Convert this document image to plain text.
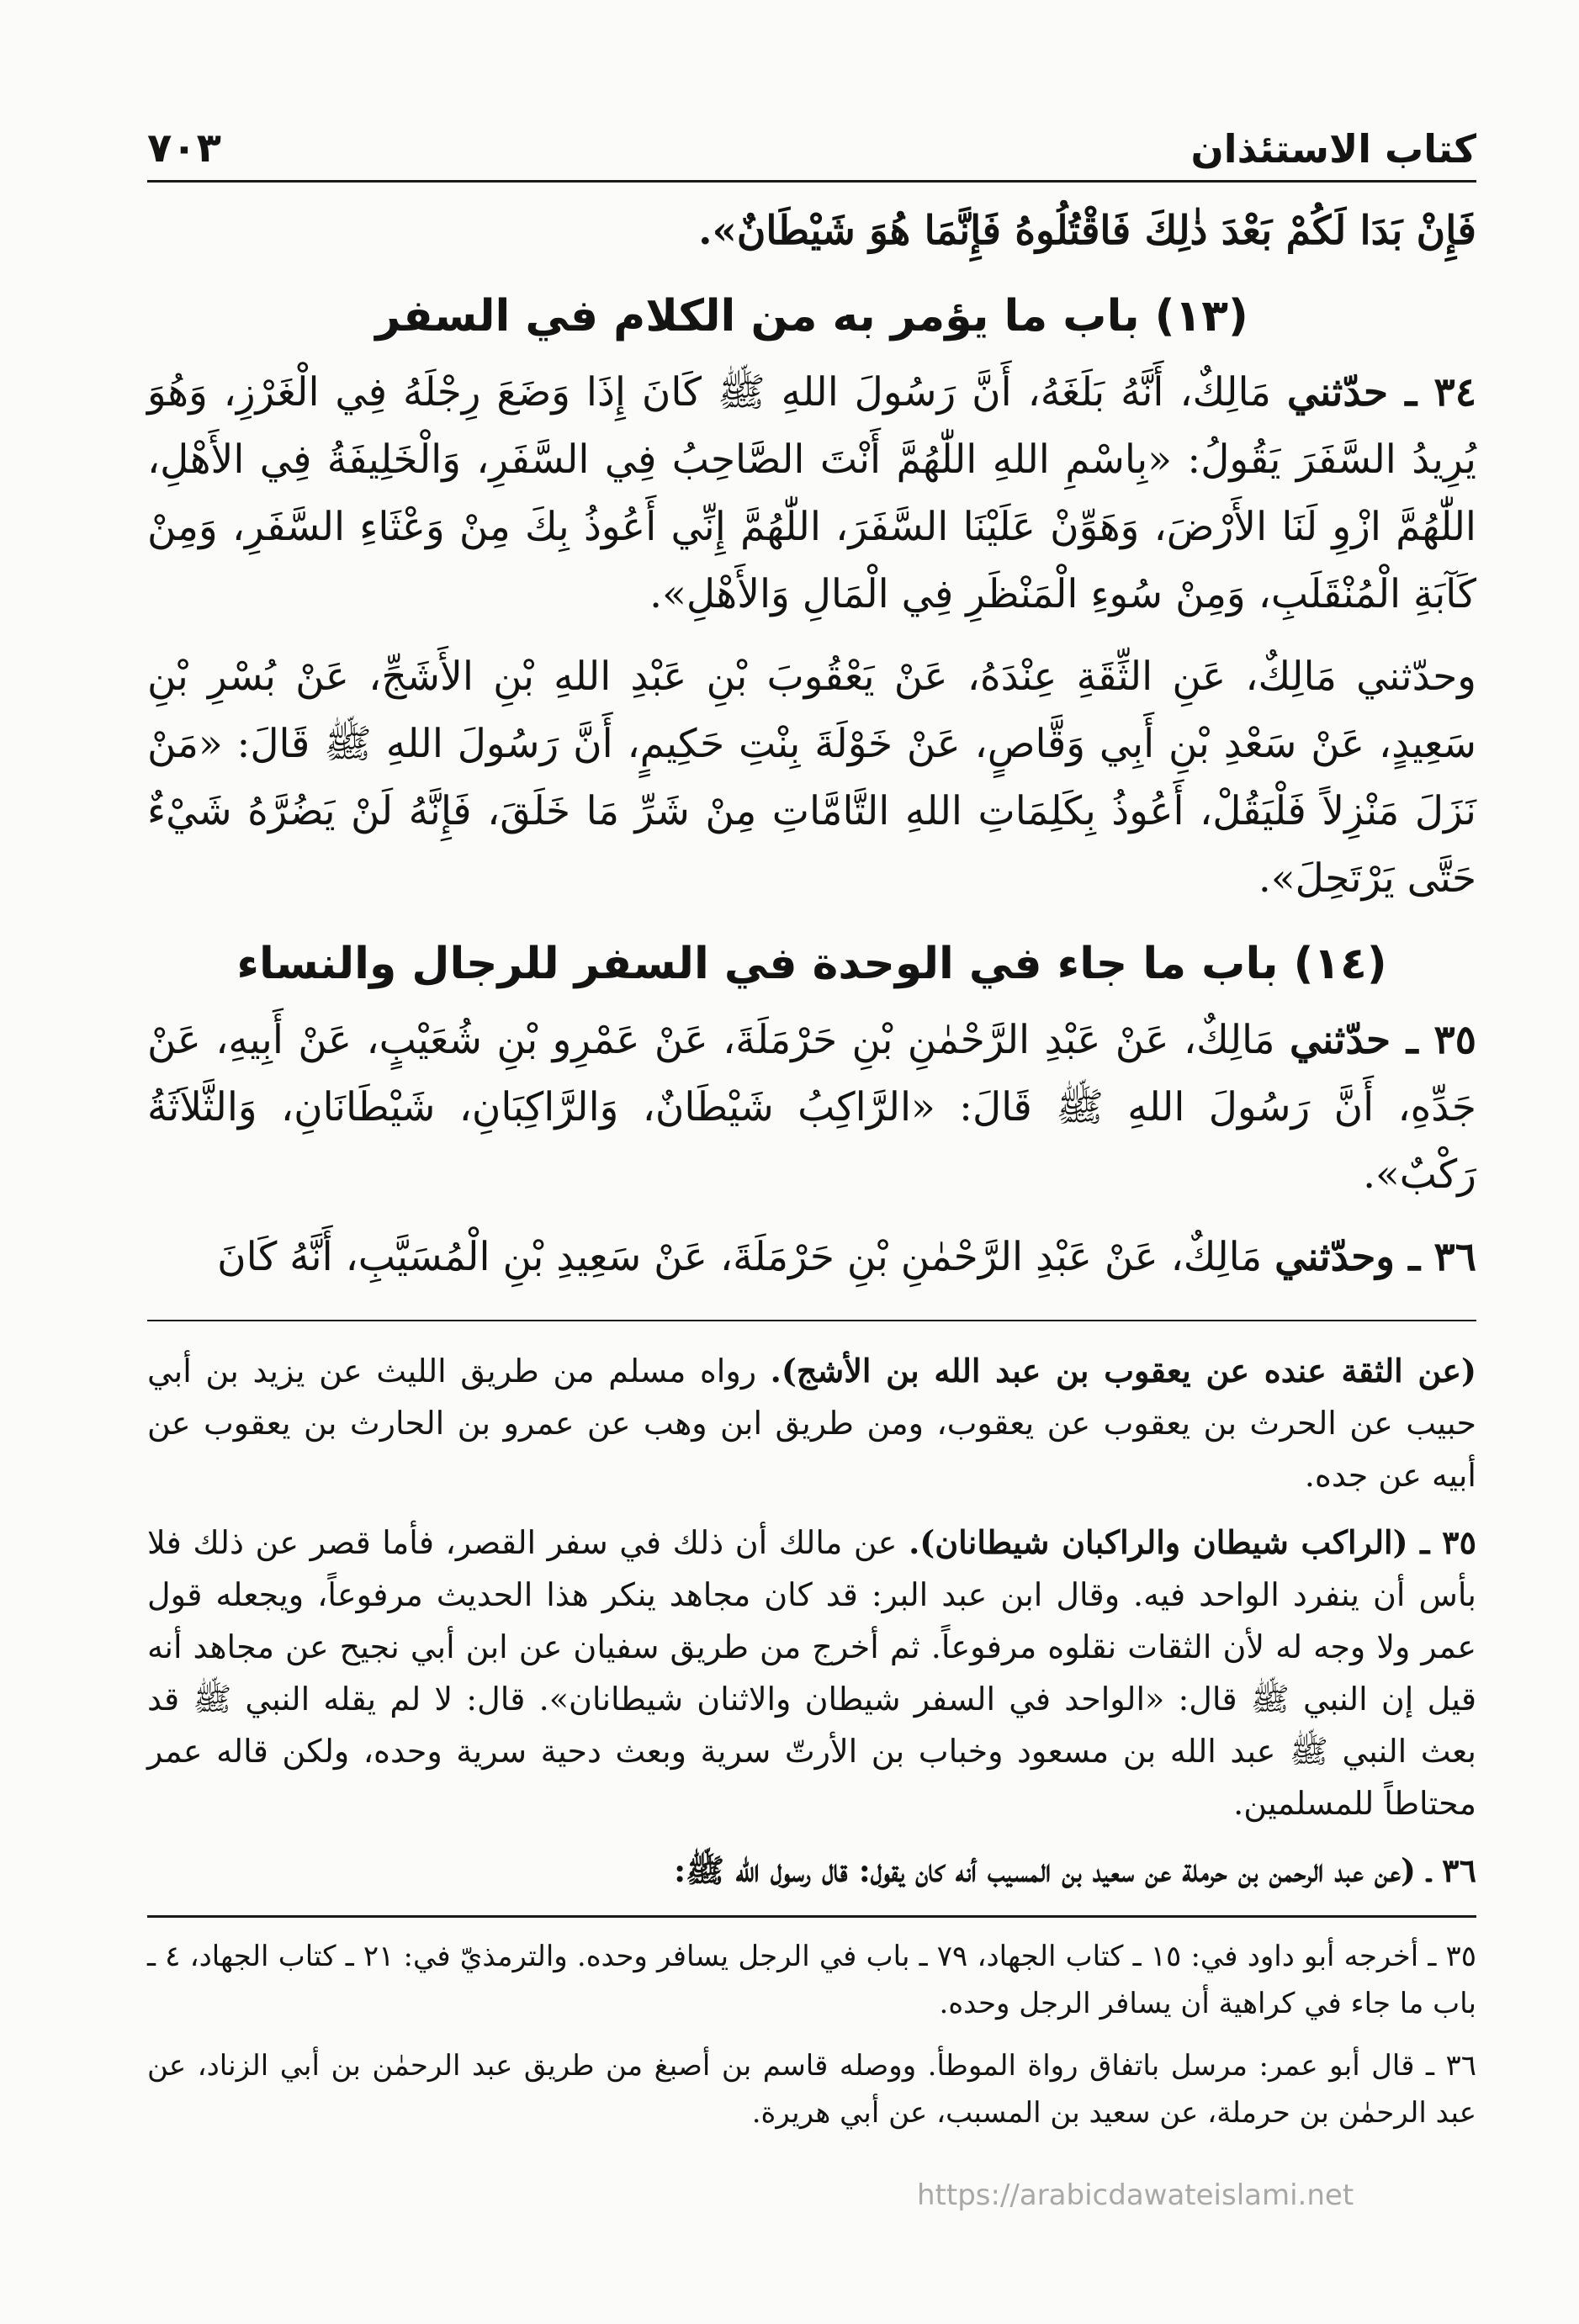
كتاب الاستئذان
٧٠٣
فَإِنْ بَدَا لَكُمْ بَعْدَ ذٰلِكَ فَاقْتُلُوهُ فَإِنَّمَا هُوَ شَيْطَانٌ».
(١٣) باب ما يؤمر به من الكلام في السفر
٣٤ ـ حدّثني مَالِكٌ، أَنَّهُ بَلَغَهُ، أَنَّ رَسُولَ اللهِ ﷺ كَانَ إِذَا وَضَعَ رِجْلَهُ فِي الْغَرْزِ، وَهُوَ يُرِيدُ السَّفَرَ يَقُولُ: «بِاسْمِ اللهِ اللّٰهُمَّ أَنْتَ الصَّاحِبُ فِي السَّفَرِ، وَالْخَلِيفَةُ فِي الأَهْلِ، اللّٰهُمَّ ازْوِ لَنَا الأَرْضَ، وَهَوِّنْ عَلَيْنَا السَّفَرَ، اللّٰهُمَّ إِنِّي أَعُوذُ بِكَ مِنْ وَعْثَاءِ السَّفَرِ، وَمِنْ كَآبَةِ الْمُنْقَلَبِ، وَمِنْ سُوءِ الْمَنْظَرِ فِي الْمَالِ وَالأَهْلِ».
وحدّثني مَالِكٌ، عَنِ الثِّقَةِ عِنْدَهُ، عَنْ يَعْقُوبَ بْنِ عَبْدِ اللهِ بْنِ الأَشَجِّ، عَنْ بُسْرِ بْنِ سَعِيدٍ، عَنْ سَعْدِ بْنِ أَبِي وَقَّاصٍ، عَنْ خَوْلَةَ بِنْتِ حَكِيمٍ، أَنَّ رَسُولَ اللهِ ﷺ قَالَ: «مَنْ نَزَلَ مَنْزِلاً فَلْيَقُلْ، أَعُوذُ بِكَلِمَاتِ اللهِ التَّامَّاتِ مِنْ شَرِّ مَا خَلَقَ، فَإِنَّهُ لَنْ يَضُرَّهُ شَيْءٌ حَتَّى يَرْتَحِلَ».
(١٤) باب ما جاء في الوحدة في السفر للرجال والنساء
٣٥ ـ حدّثني مَالِكٌ، عَنْ عَبْدِ الرَّحْمٰنِ بْنِ حَرْمَلَةَ، عَنْ عَمْرِو بْنِ شُعَيْبٍ، عَنْ أَبِيهِ، عَنْ جَدِّهِ، أَنَّ رَسُولَ اللهِ ﷺ قَالَ: «الرَّاكِبُ شَيْطَانٌ، وَالرَّاكِبَانِ، شَيْطَانَانِ، وَالثَّلاَثَةُ رَكْبٌ».
٣٦ ـ وحدّثني مَالِكٌ، عَنْ عَبْدِ الرَّحْمٰنِ بْنِ حَرْمَلَةَ، عَنْ سَعِيدِ بْنِ الْمُسَيَّبِ، أَنَّهُ كَانَ
(عن الثقة عنده عن يعقوب بن عبد الله بن الأشج). رواه مسلم من طريق الليث عن يزيد بن أبي حبيب عن الحرث بن يعقوب عن يعقوب، ومن طريق ابن وهب عن عمرو بن الحارث بن يعقوب عن أبيه عن جده.
٣٥ ـ (الراكب شيطان والراكبان شيطانان). عن مالك أن ذلك في سفر القصر، فأما قصر عن ذلك فلا بأس أن ينفرد الواحد فيه. وقال ابن عبد البر: قد كان مجاهد ينكر هذا الحديث مرفوعاً، ويجعله قول عمر ولا وجه له لأن الثقات نقلوه مرفوعاً. ثم أخرج من طريق سفيان عن ابن أبي نجيح عن مجاهد أنه قيل إن النبي ﷺ قال: «الواحد في السفر شيطان والاثنان شيطانان». قال: لا لم يقله النبي ﷺ قد بعث النبي ﷺ عبد الله بن مسعود وخباب بن الأرتّ سرية وبعث دحية سرية وحده، ولكن قاله عمر محتاطاً للمسلمين.
٣٦ ـ (عن عبد الرحمن بن حرملة عن سعيد بن المسيب أنه كان يقول: قال رسول الله ﷺ:
٣٥ ـ أخرجه أبو داود في: ١٥ ـ كتاب الجهاد، ٧٩ ـ باب في الرجل يسافر وحده. والترمذيّ في: ٢١ ـ كتاب الجهاد، ٤ ـ باب ما جاء في كراهية أن يسافر الرجل وحده.
٣٦ ـ قال أبو عمر: مرسل باتفاق رواة الموطأ. ووصله قاسم بن أصبغ من طريق عبد الرحمٰن بن أبي الزناد، عن عبد الرحمٰن بن حرملة، عن سعيد بن المسبب، عن أبي هريرة.
https://arabicdawateislami.net
